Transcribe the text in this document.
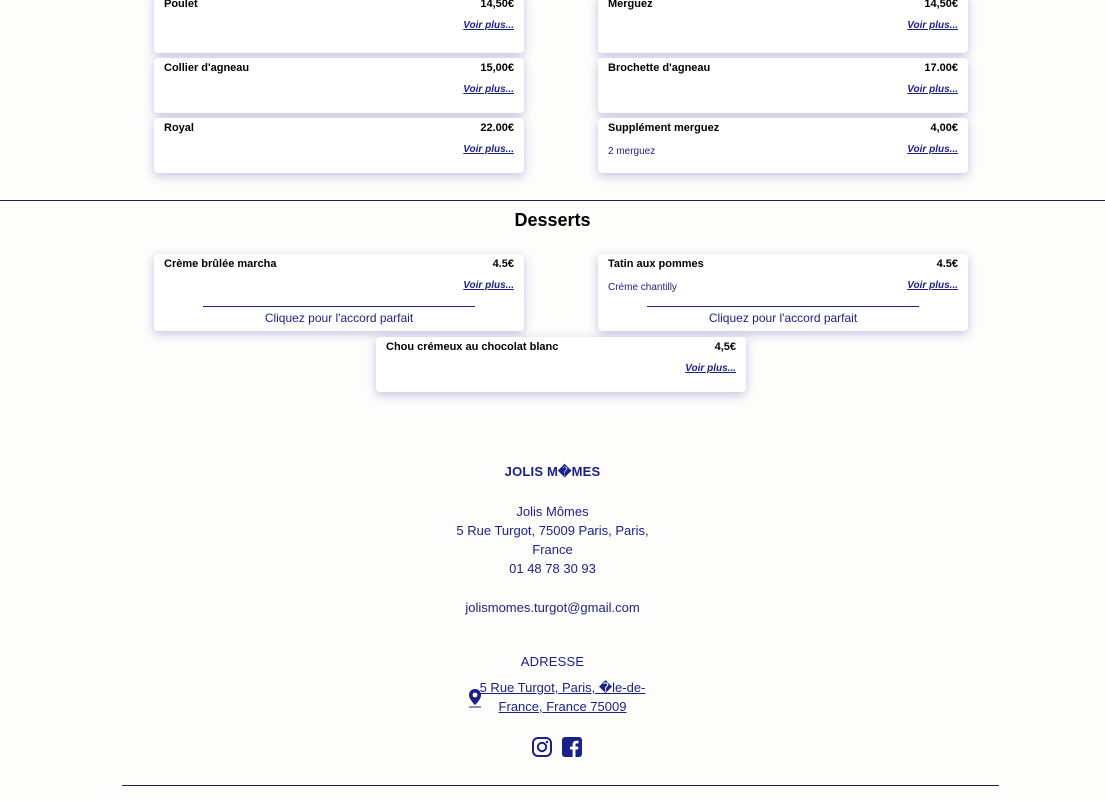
Poulet	14,50€
Voir plus...
Merguez	14,50€
Voir plus...
Collier d'agneau	15,00€
Voir plus...
Brochette d'agneau	17.00€
Voir plus...
Royal	22.00€
Voir plus...
Supplément merguez	4,00€
2 merguez	Voir plus...
Desserts
Crème brûlée marcha	4.5€
Voir plus...
Cliquez pour l'accord parfait
Tatin aux pommes	4.5€
Créme chantilly	Voir plus...
Cliquez pour l'accord parfait
Chou crémeux au chocolat blanc	4,5€
Voir plus...
JOLIS M�MES
Jolis Mômes
5 Rue Turgot, 75009 Paris, Paris,
France
01 48 78 30 93
jolismomes.turgot@gmail.com
ADRESSE
5 Rue Turgot, Paris, �le-de-
France, France 75009
